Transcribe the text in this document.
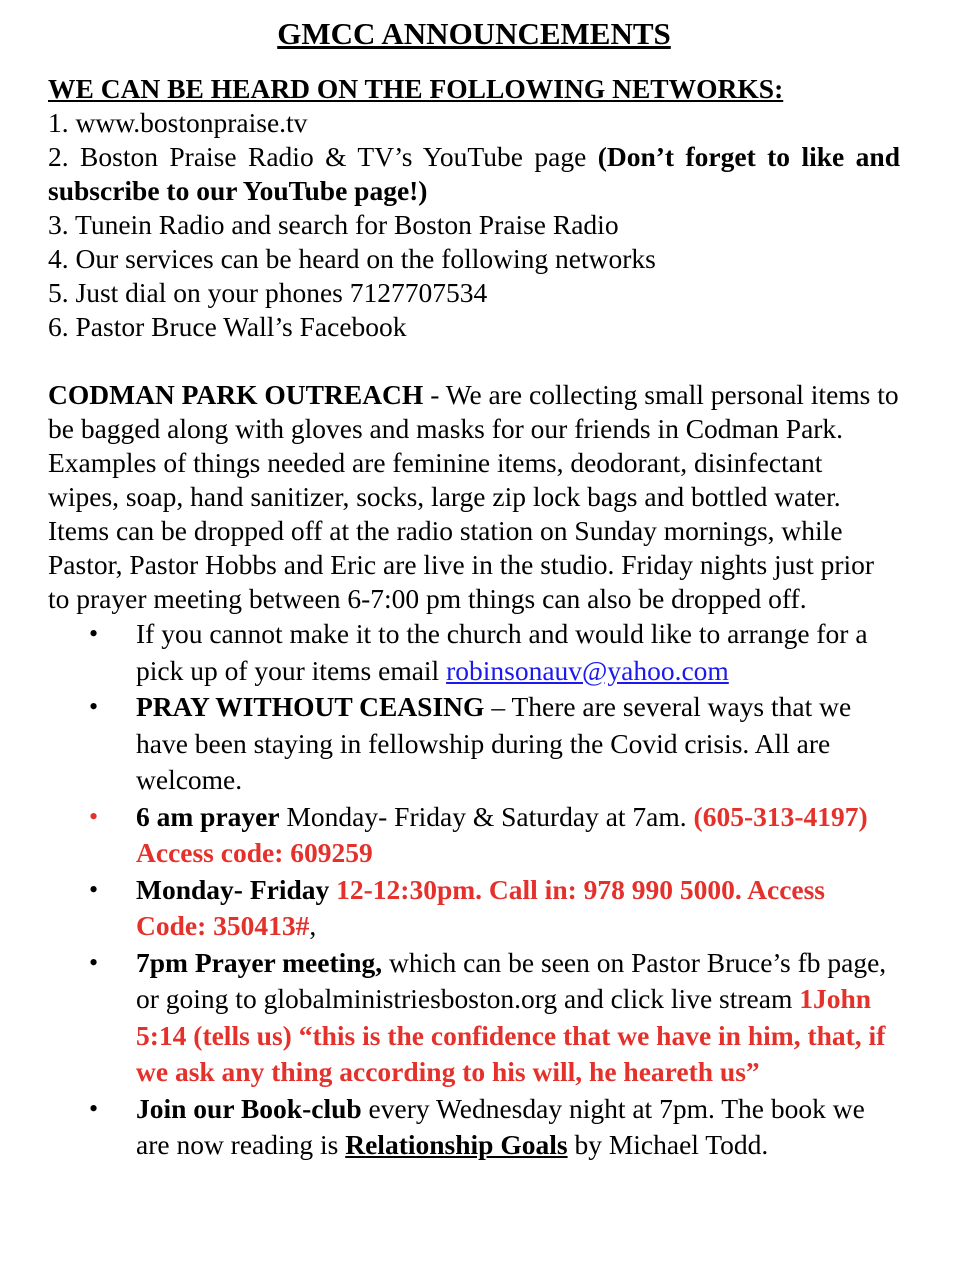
GMCC ANNOUNCEMENTS
WE CAN BE HEARD ON THE FOLLOWING NETWORKS:

1. www.bostonpraise.tv

2. Boston Praise Radio & TV’s YouTube page (Don’t forget to like and subscribe to our YouTube page!)

3. Tunein Radio and search for Boston Praise Radio

4. Our services can be heard on the following networks

5. Just dial on your phones 7127707534

6. Pastor Bruce Wall’s Facebook

CODMAN PARK OUTREACH - We are collecting small personal items to be bagged along with gloves and masks for our friends in Codman Park. Examples of things needed are feminine items, deodorant, disinfectant wipes, soap, hand sanitizer, socks, large zip lock bags and bottled water. Items can be dropped off at the radio station on Sunday mornings, while Pastor, Pastor Hobbs and Eric are live in the studio. Friday nights just prior to prayer meeting between 6-7:00 pm things can also be dropped off.

• If you cannot make it to the church and would like to arrange for a pick up of your items email robinsonauv@yahoo.com
• PRAY WITHOUT CEASING – There are several ways that we have been staying in fellowship during the Covid crisis. All are welcome.
• 6 am prayer Monday- Friday & Saturday at 7am. (605-313-4197) Access code: 609259
• Monday- Friday 12-12:30pm. Call in: 978 990 5000. Access Code: 350413#,
• 7pm Prayer meeting, which can be seen on Pastor Bruce’s fb page, or going to globalministriesboston.org and click live stream 1John 5:14 (tells us) “this is the confidence that we have in him, that, if we ask any thing according to his will, he heareth us”
• Join our Book-club every Wednesday night at 7pm. The book we are now reading is Relationship Goals by Michael Todd.
